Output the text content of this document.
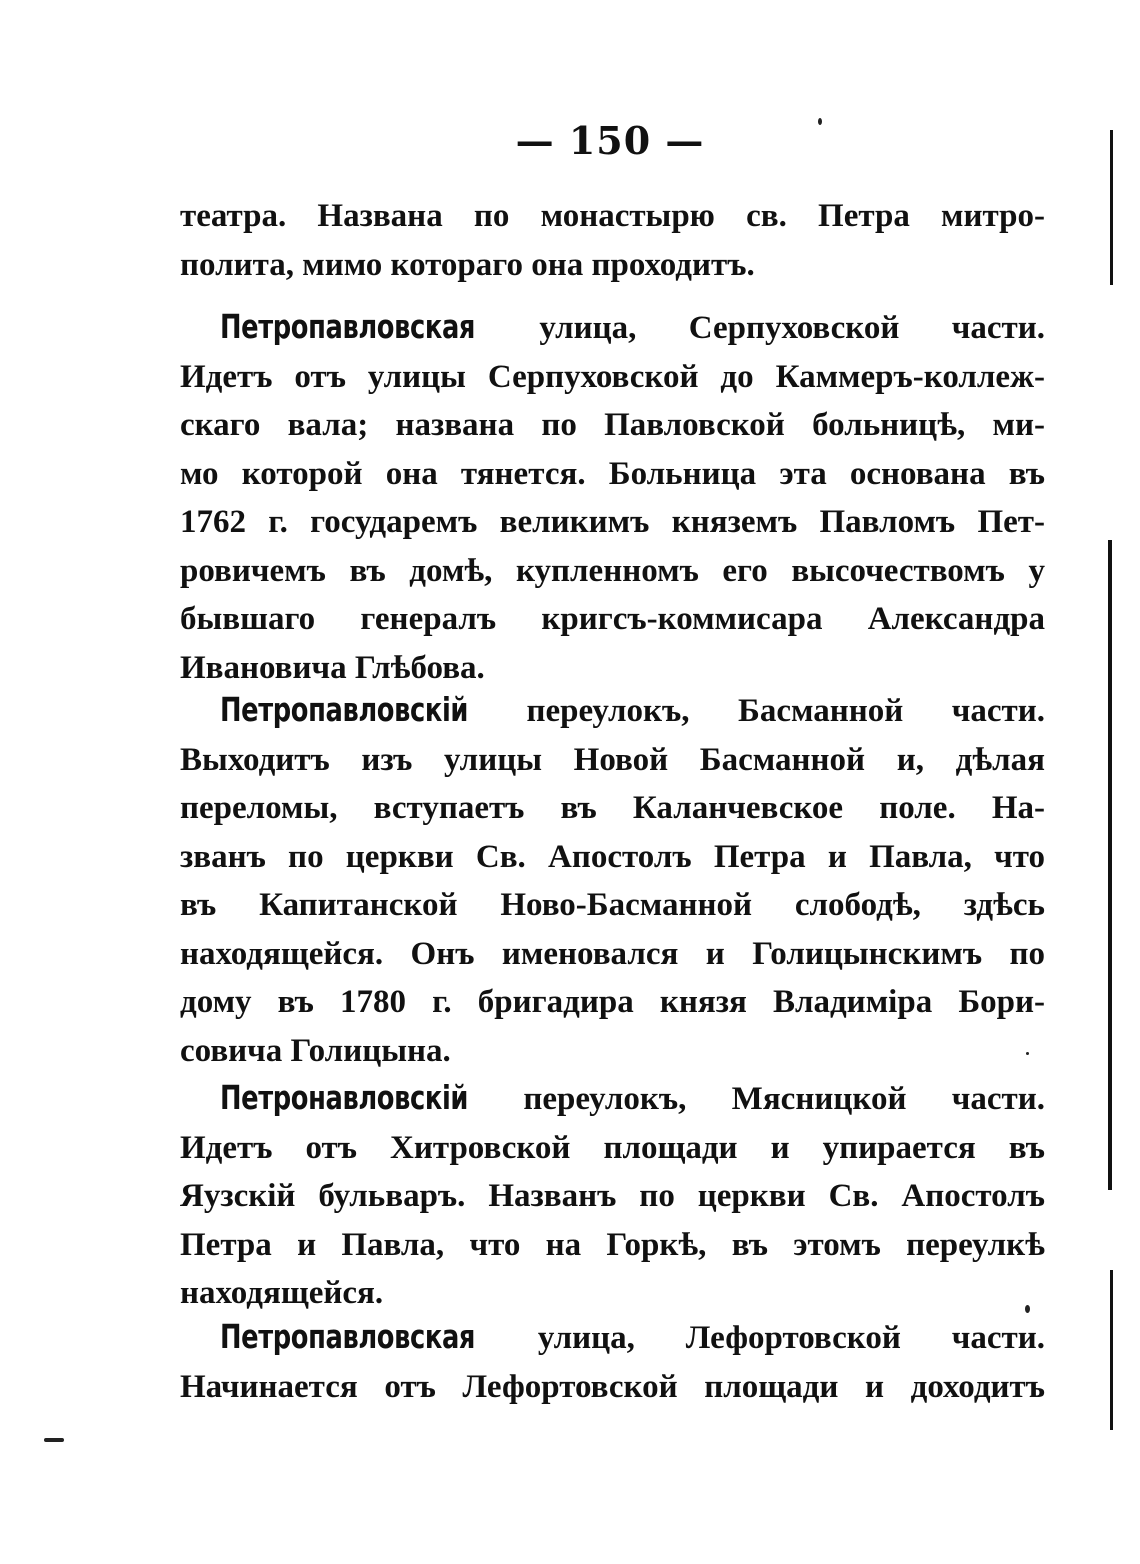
— 150 —
театра. Названа по монастырю св. Петра митро-
полита, мимо котораго она проходитъ.
Петропавловская улица, Серпуховской части.
Идетъ отъ улицы Серпуховской до Каммеръ-коллеж-
скаго вала; названа по Павловской больницѣ, ми-
мо которой она тянется. Больница эта основана въ
1762 г. государемъ великимъ княземъ Павломъ Пет-
ровичемъ въ домѣ, купленномъ его высочествомъ у
бывшаго генералъ кригсъ-коммисара Александра
Ивановича Глѣбова.
Петропавловскій переулокъ, Басманной части.
Выходитъ изъ улицы Новой Басманной и, дѣлая
переломы, вступаетъ въ Каланчевское поле. На-
званъ по церкви Св. Апостолъ Петра и Павла, что
въ Капитанской Ново-Басманной слободѣ, здѣсь
находящейся. Онъ именовался и Голицынскимъ по
дому въ 1780 г. бригадира князя Владиміра Бори-
совича Голицына.
Петронавловскій переулокъ, Мясницкой части.
Идетъ отъ Хитровской площади и упирается въ
Яузскій бульваръ. Названъ по церкви Св. Апостолъ
Петра и Павла, что на Горкѣ, въ этомъ переулкѣ
находящейся.
Петропавловская улица, Лефортовской части.
Начинается отъ Лефортовской площади и доходитъ
